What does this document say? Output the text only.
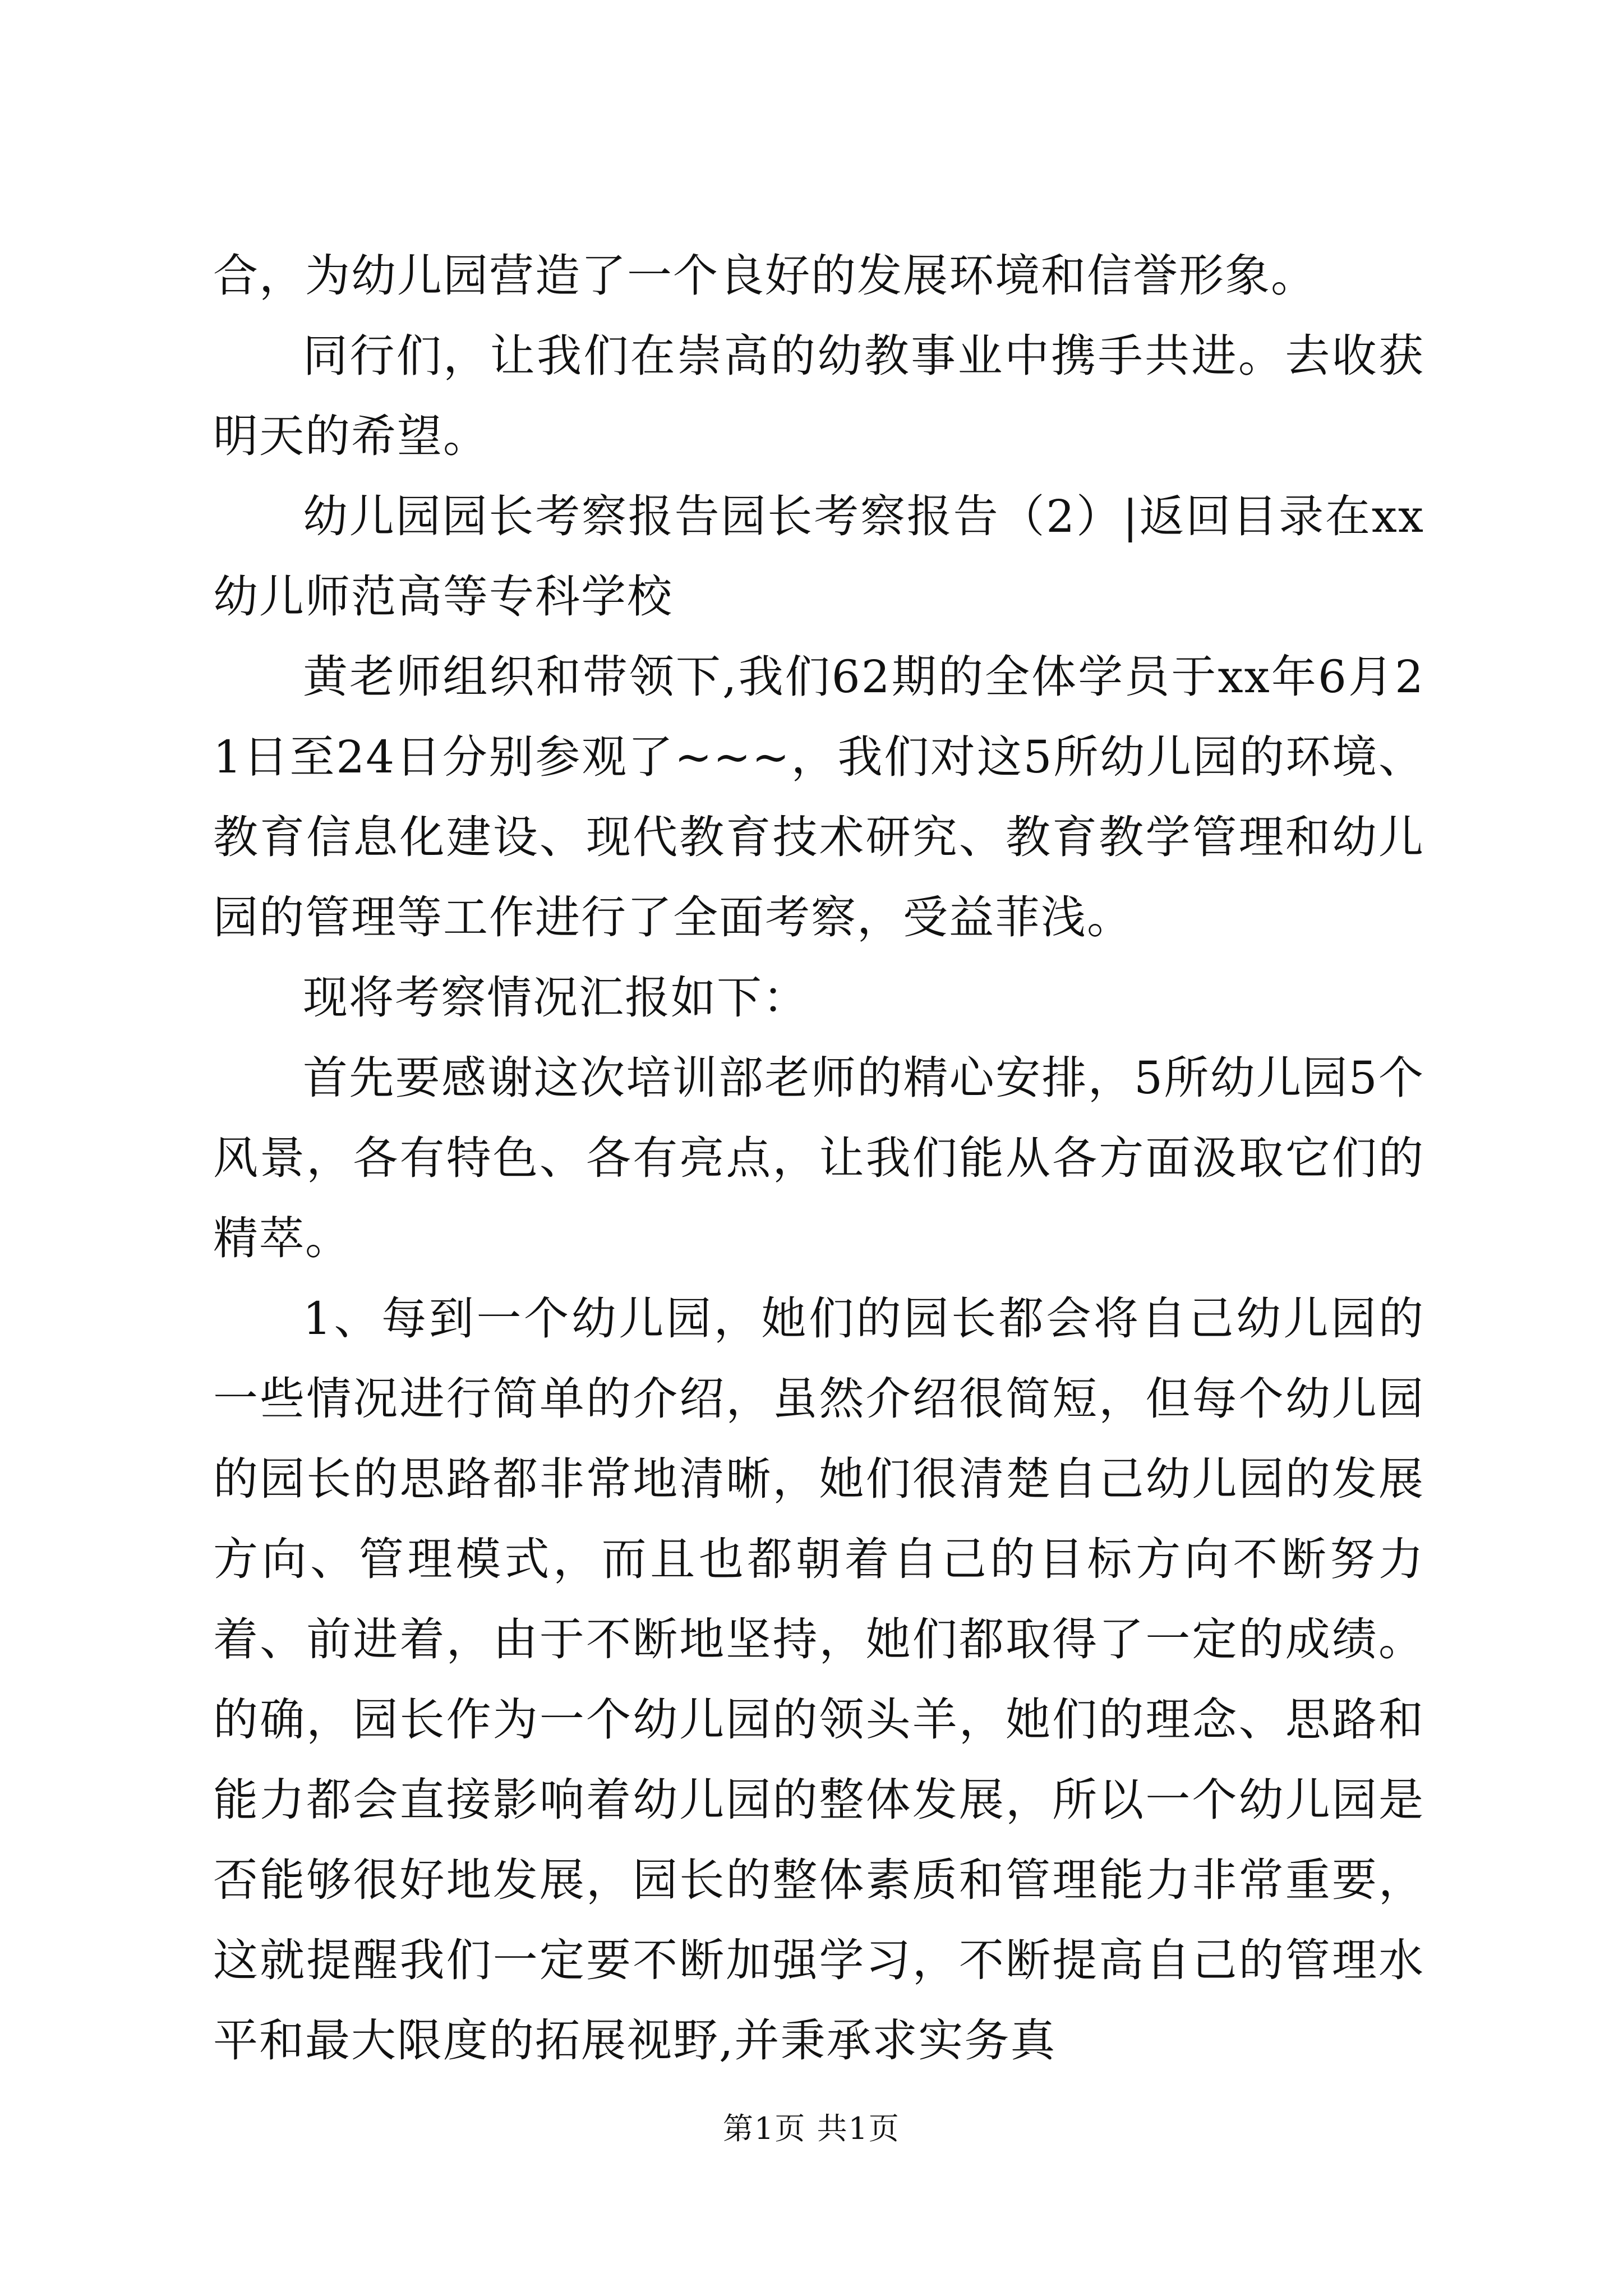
合，为幼儿园营造了一个良好的发展环境和信誉形象。

同行们，让我们在崇高的幼教事业中携手共进。去收获明天的希望。

幼儿园园长考察报告园长考察报告（2）|返回目录在xx幼儿师范高等专科学校

黄老师组织和带领下,我们62期的全体学员于xx年6月21日至24日分别参观了~~~，我们对这5所幼儿园的环境、教育信息化建设、现代教育技术研究、教育教学管理和幼儿园的管理等工作进行了全面考察，受益菲浅。

现将考察情况汇报如下：

首先要感谢这次培训部老师的精心安排，5所幼儿园5个风景，各有特色、各有亮点，让我们能从各方面汲取它们的精萃。

1、每到一个幼儿园，她们的园长都会将自己幼儿园的一些情况进行简单的介绍，虽然介绍很简短，但每个幼儿园的园长的思路都非常地清晰，她们很清楚自己幼儿园的发展方向、管理模式，而且也都朝着自己的目标方向不断努力着、前进着，由于不断地坚持，她们都取得了一定的成绩。的确，园长作为一个幼儿园的领头羊，她们的理念、思路和能力都会直接影响着幼儿园的整体发展，所以一个幼儿园是否能够很好地发展，园长的整体素质和管理能力非常重要，这就提醒我们一定要不断加强学习，不断提高自己的管理水平和最大限度的拓展视野,并秉承求实务真

第1页 共1页
